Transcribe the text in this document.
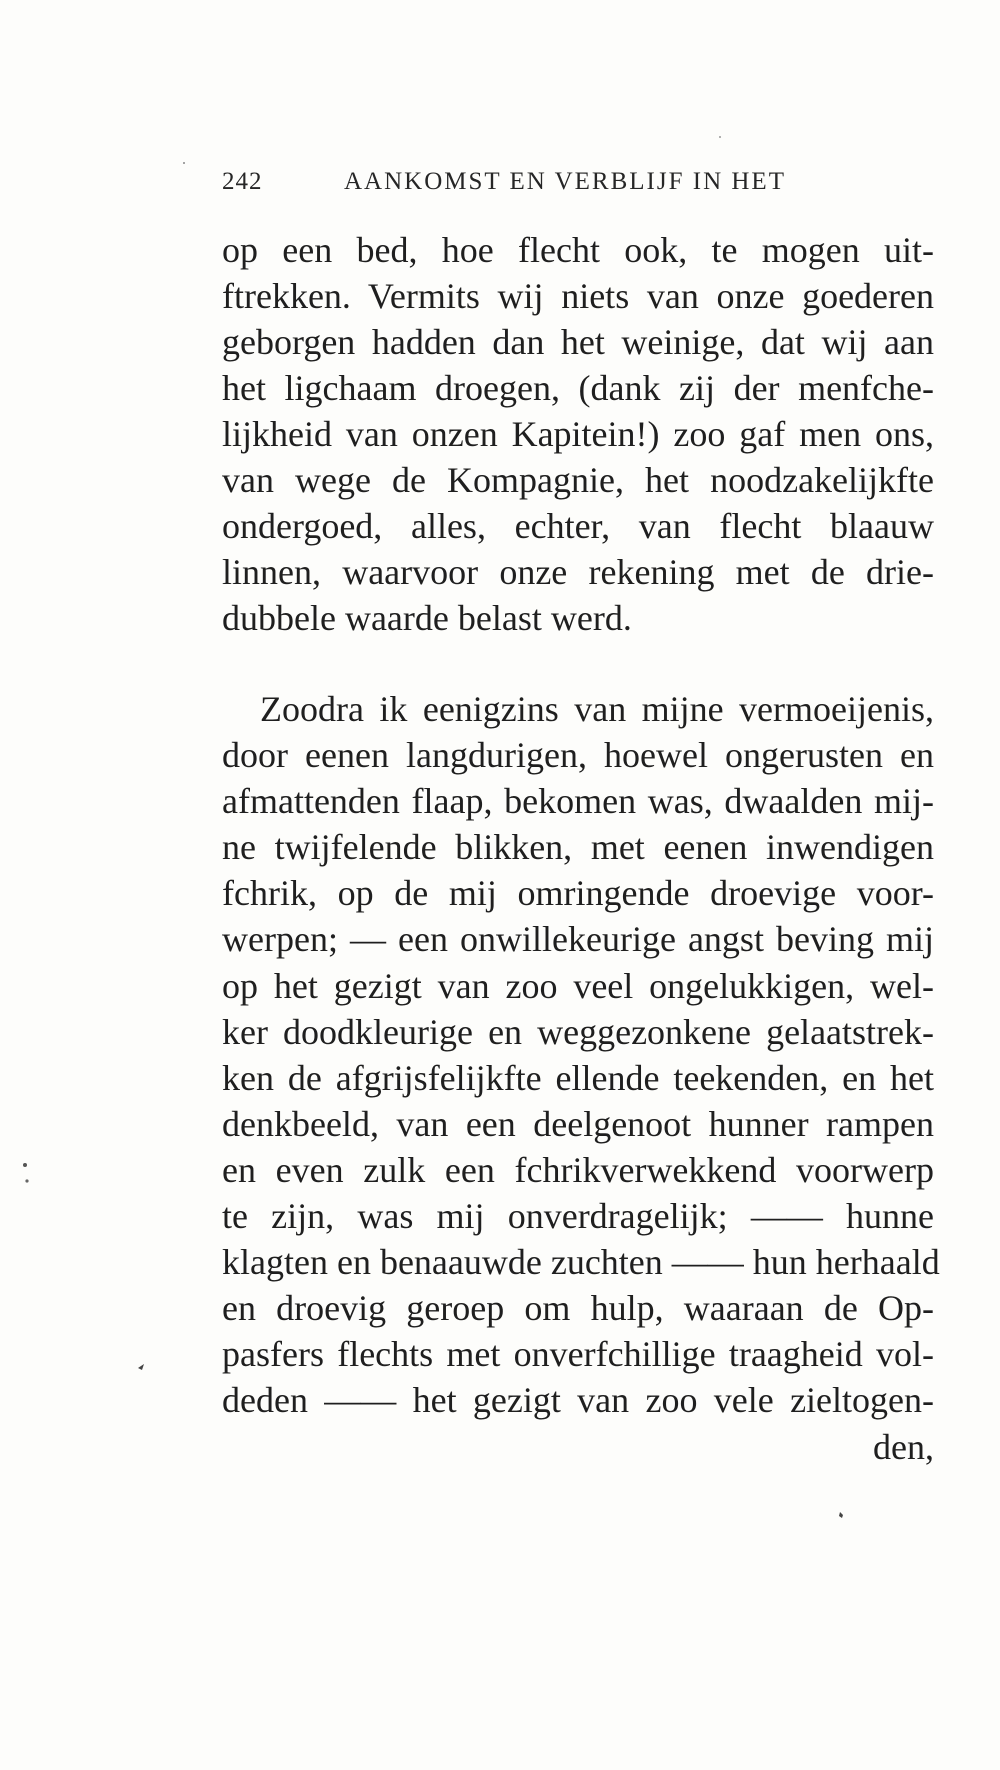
242	AANKOMST EN VERBLIJF IN HET
op een bed, hoe flecht ook, te mogen uit-
ftrekken. Vermits wij niets van onze goederen
geborgen hadden dan het weinige, dat wij aan
het ligchaam droegen, (dank zij der menfche-
lijkheid van onzen Kapitein!) zoo gaf men ons,
van wege de Kompagnie, het noodzakelijkfte
ondergoed, alles, echter, van flecht blaauw
linnen, waarvoor onze rekening met de drie-
dubbele waarde belast werd.
Zoodra ik eenigzins van mijne vermoeijenis,
door eenen langdurigen, hoewel ongerusten en
afmattenden flaap, bekomen was, dwaalden mij-
ne twijfelende blikken, met eenen inwendigen
fchrik, op de mij omringende droevige voor-
werpen; — een onwillekeurige angst beving mij
op het gezigt van zoo veel ongelukkigen, wel-
ker doodkleurige en weggezonkene gelaatstrek-
ken de afgrijsfelijkfte ellende teekenden, en het
denkbeeld, van een deelgenoot hunner rampen
en even zulk een fchrikverwekkend voorwerp
te zijn, was mij onverdragelijk; —— hunne
klagten en benaauwde zuchten —— hun herhaald
en droevig geroep om hulp, waaraan de Op-
pasfers flechts met onverfchillige traagheid vol-
deden —— het gezigt van zoo vele zieltogen-
den,
